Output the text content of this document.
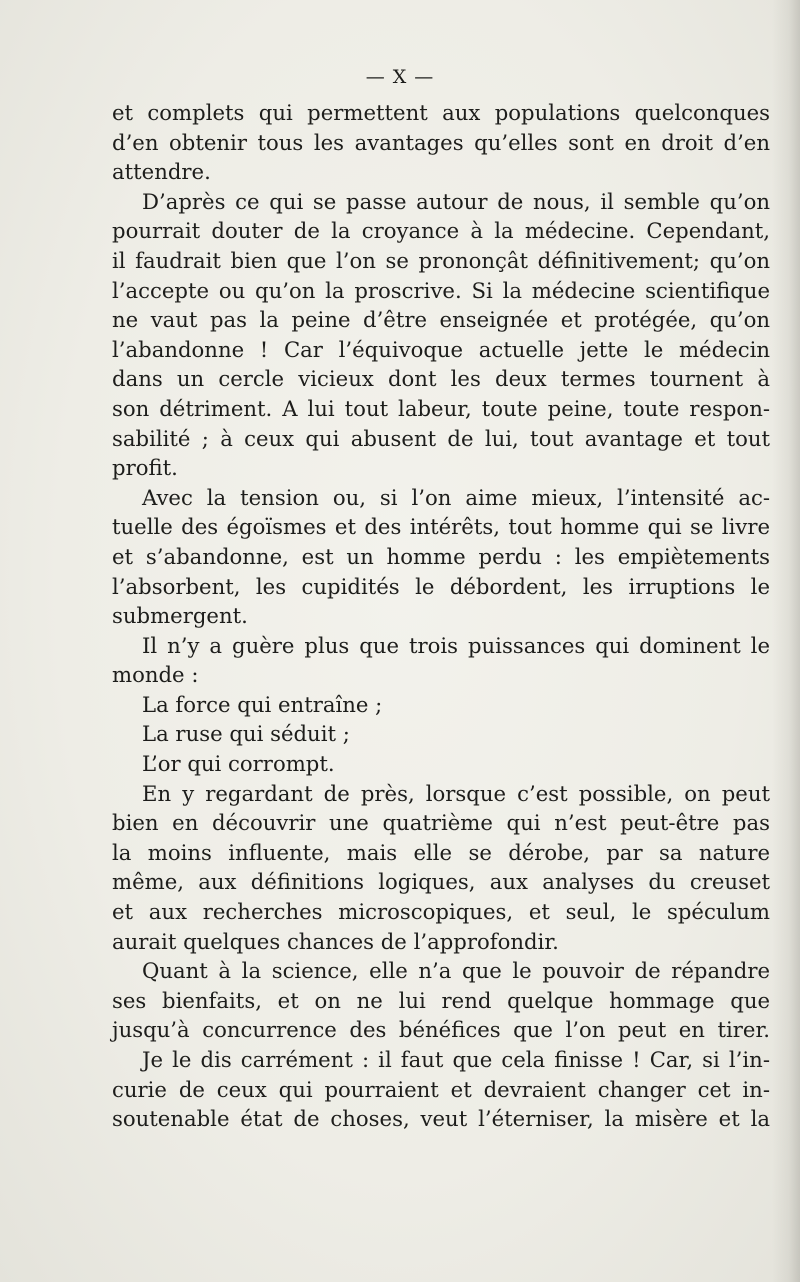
— X —
et complets qui permettent aux populations quelconques
d’en obtenir tous les avantages qu’elles sont en droit d’en
attendre.
D’après ce qui se passe autour de nous, il semble qu’on
pourrait douter de la croyance à la médecine. Cependant,
il faudrait bien que l’on se prononçât définitivement; qu’on
l’accepte ou qu’on la proscrive. Si la médecine scientifique
ne vaut pas la peine d’être enseignée et protégée, qu’on
l’abandonne ! Car l’équivoque actuelle jette le médecin
dans un cercle vicieux dont les deux termes tournent à
son détriment. A lui tout labeur, toute peine, toute respon-
sabilité ; à ceux qui abusent de lui, tout avantage et tout
profit.
Avec la tension ou, si l’on aime mieux, l’intensité ac-
tuelle des égoïsmes et des intérêts, tout homme qui se livre
et s’abandonne, est un homme perdu : les empiètements
l’absorbent, les cupidités le débordent, les irruptions le
submergent.
Il n’y a guère plus que trois puissances qui dominent le
monde :
La force qui entraîne ;
La ruse qui séduit ;
L’or qui corrompt.
En y regardant de près, lorsque c’est possible, on peut
bien en découvrir une quatrième qui n’est peut-être pas
la moins influente, mais elle se dérobe, par sa nature
même, aux définitions logiques, aux analyses du creuset
et aux recherches microscopiques, et seul, le spéculum
aurait quelques chances de l’approfondir.
Quant à la science, elle n’a que le pouvoir de répandre
ses bienfaits, et on ne lui rend quelque hommage que
jusqu’à concurrence des bénéfices que l’on peut en tirer.
Je le dis carrément : il faut que cela finisse ! Car, si l’in-
curie de ceux qui pourraient et devraient changer cet in-
soutenable état de choses, veut l’éterniser, la misère et la
